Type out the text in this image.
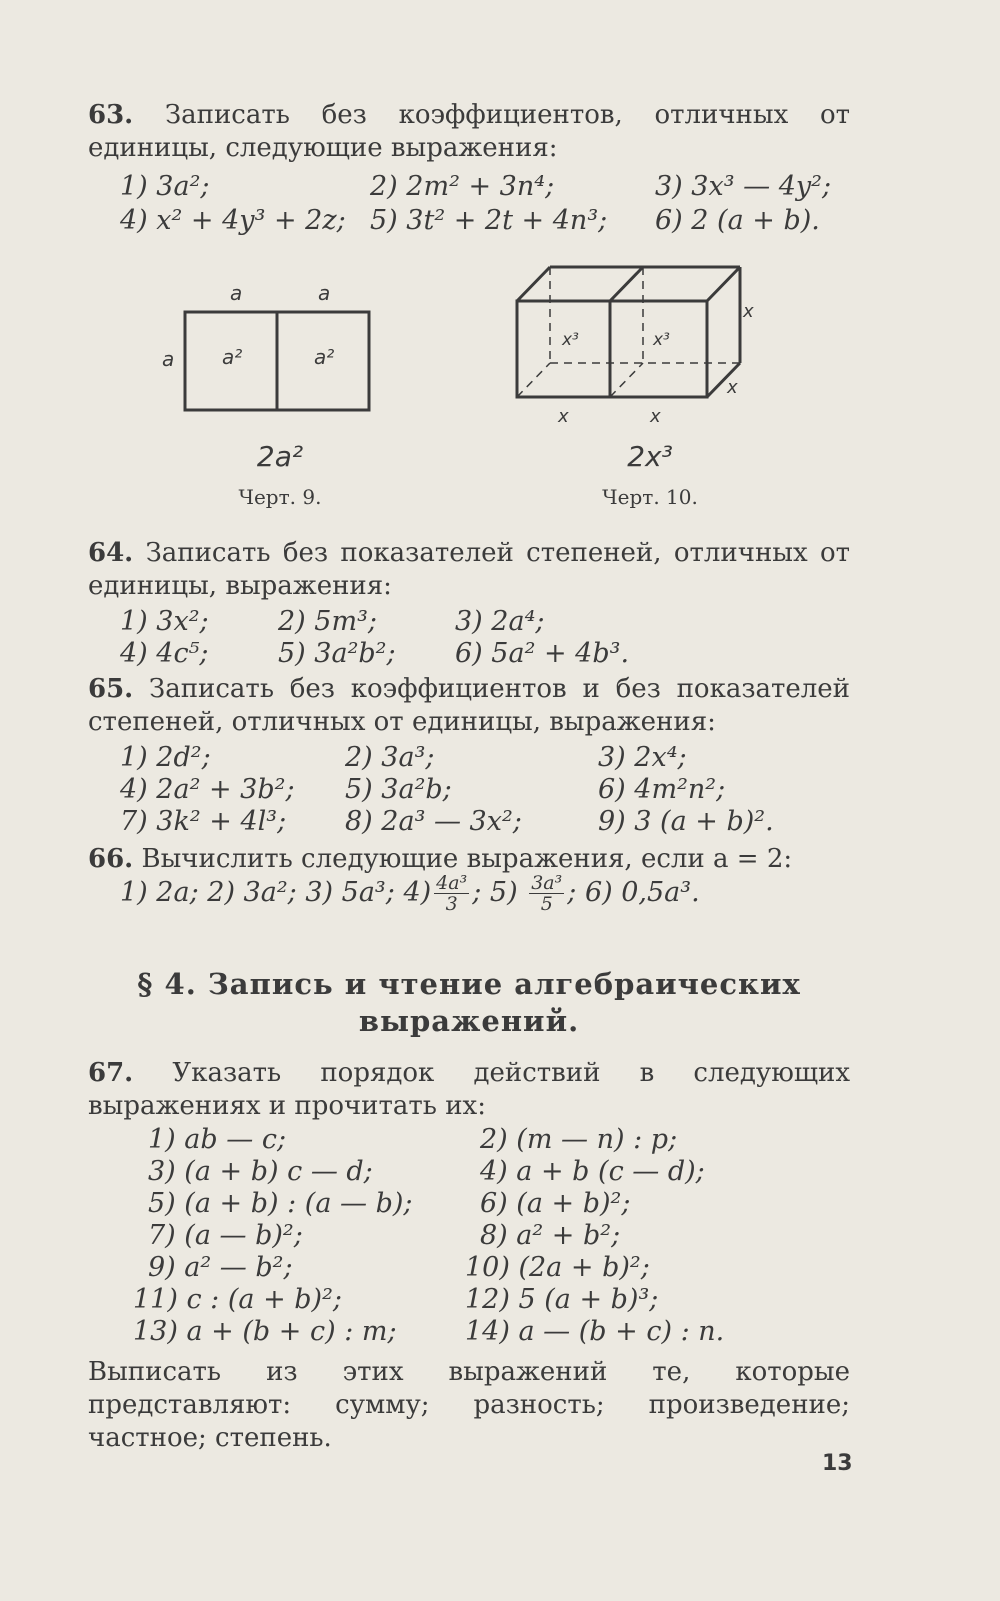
63. Записать без коэффициентов, отличных от единицы, следующие выражения:
1) 3a²;	2) 2m² + 3n⁴;	3) 3x³ — 4y²;
4) x² + 4y³ + 2z; 5) 3t² + 2t + 4n³; 6) 2 (a + b).
a	a
a a²	a²
2a²
Черт. 9.
x³	x³
x
x
x	x
2x³
Черт. 10.
64. Записать без показателей степеней, отличных от единицы, выражения:
1) 3x²;	2) 5m³;	3) 2a⁴;
4) 4c⁵;	5) 3a²b²; 6) 5a² + 4b³.
65. Записать без коэффициентов и без показателей степеней, отличных от единицы, выражения:
1) 2d²;	2) 3a³;	3) 2x⁴;
4) 2a² + 3b²; 5) 3a²b;	6) 4m²n²;
7) 3k² + 4l³; 8) 2a³ — 3x²;	9) 3 (a + b)².
66. Вычислить следующие выражения, если a = 2:
1) 2a; 2) 3a²; 3) 5a³; $4) \frac{\text{4a³}}{3}$ ; $5) \frac{\text{3a³}}{5}$ ; 6) 0,5a³.
§ 4. Запись и чтение алгебраических
выражений.
67. Указать порядок действий в следующих выражениях и прочитать их:
1) ab — c;	2) (m — n) : p;
3) (a + b) c — d;	4) a + b (c — d);
5) (a + b) : (a — b); 6) (a + b)²;
7) (a — b)²;	8) a² + b²;
9) a² — b²;	10) (2a + b)²;
11) c : (a + b)²;	12) 5 (a + b)³;
13) a + (b + c) : m;	14) a — (b + c) : n.
Выписать из этих выражений те, которые представляют: сумму; разность; произведение; частное; степень.
13
